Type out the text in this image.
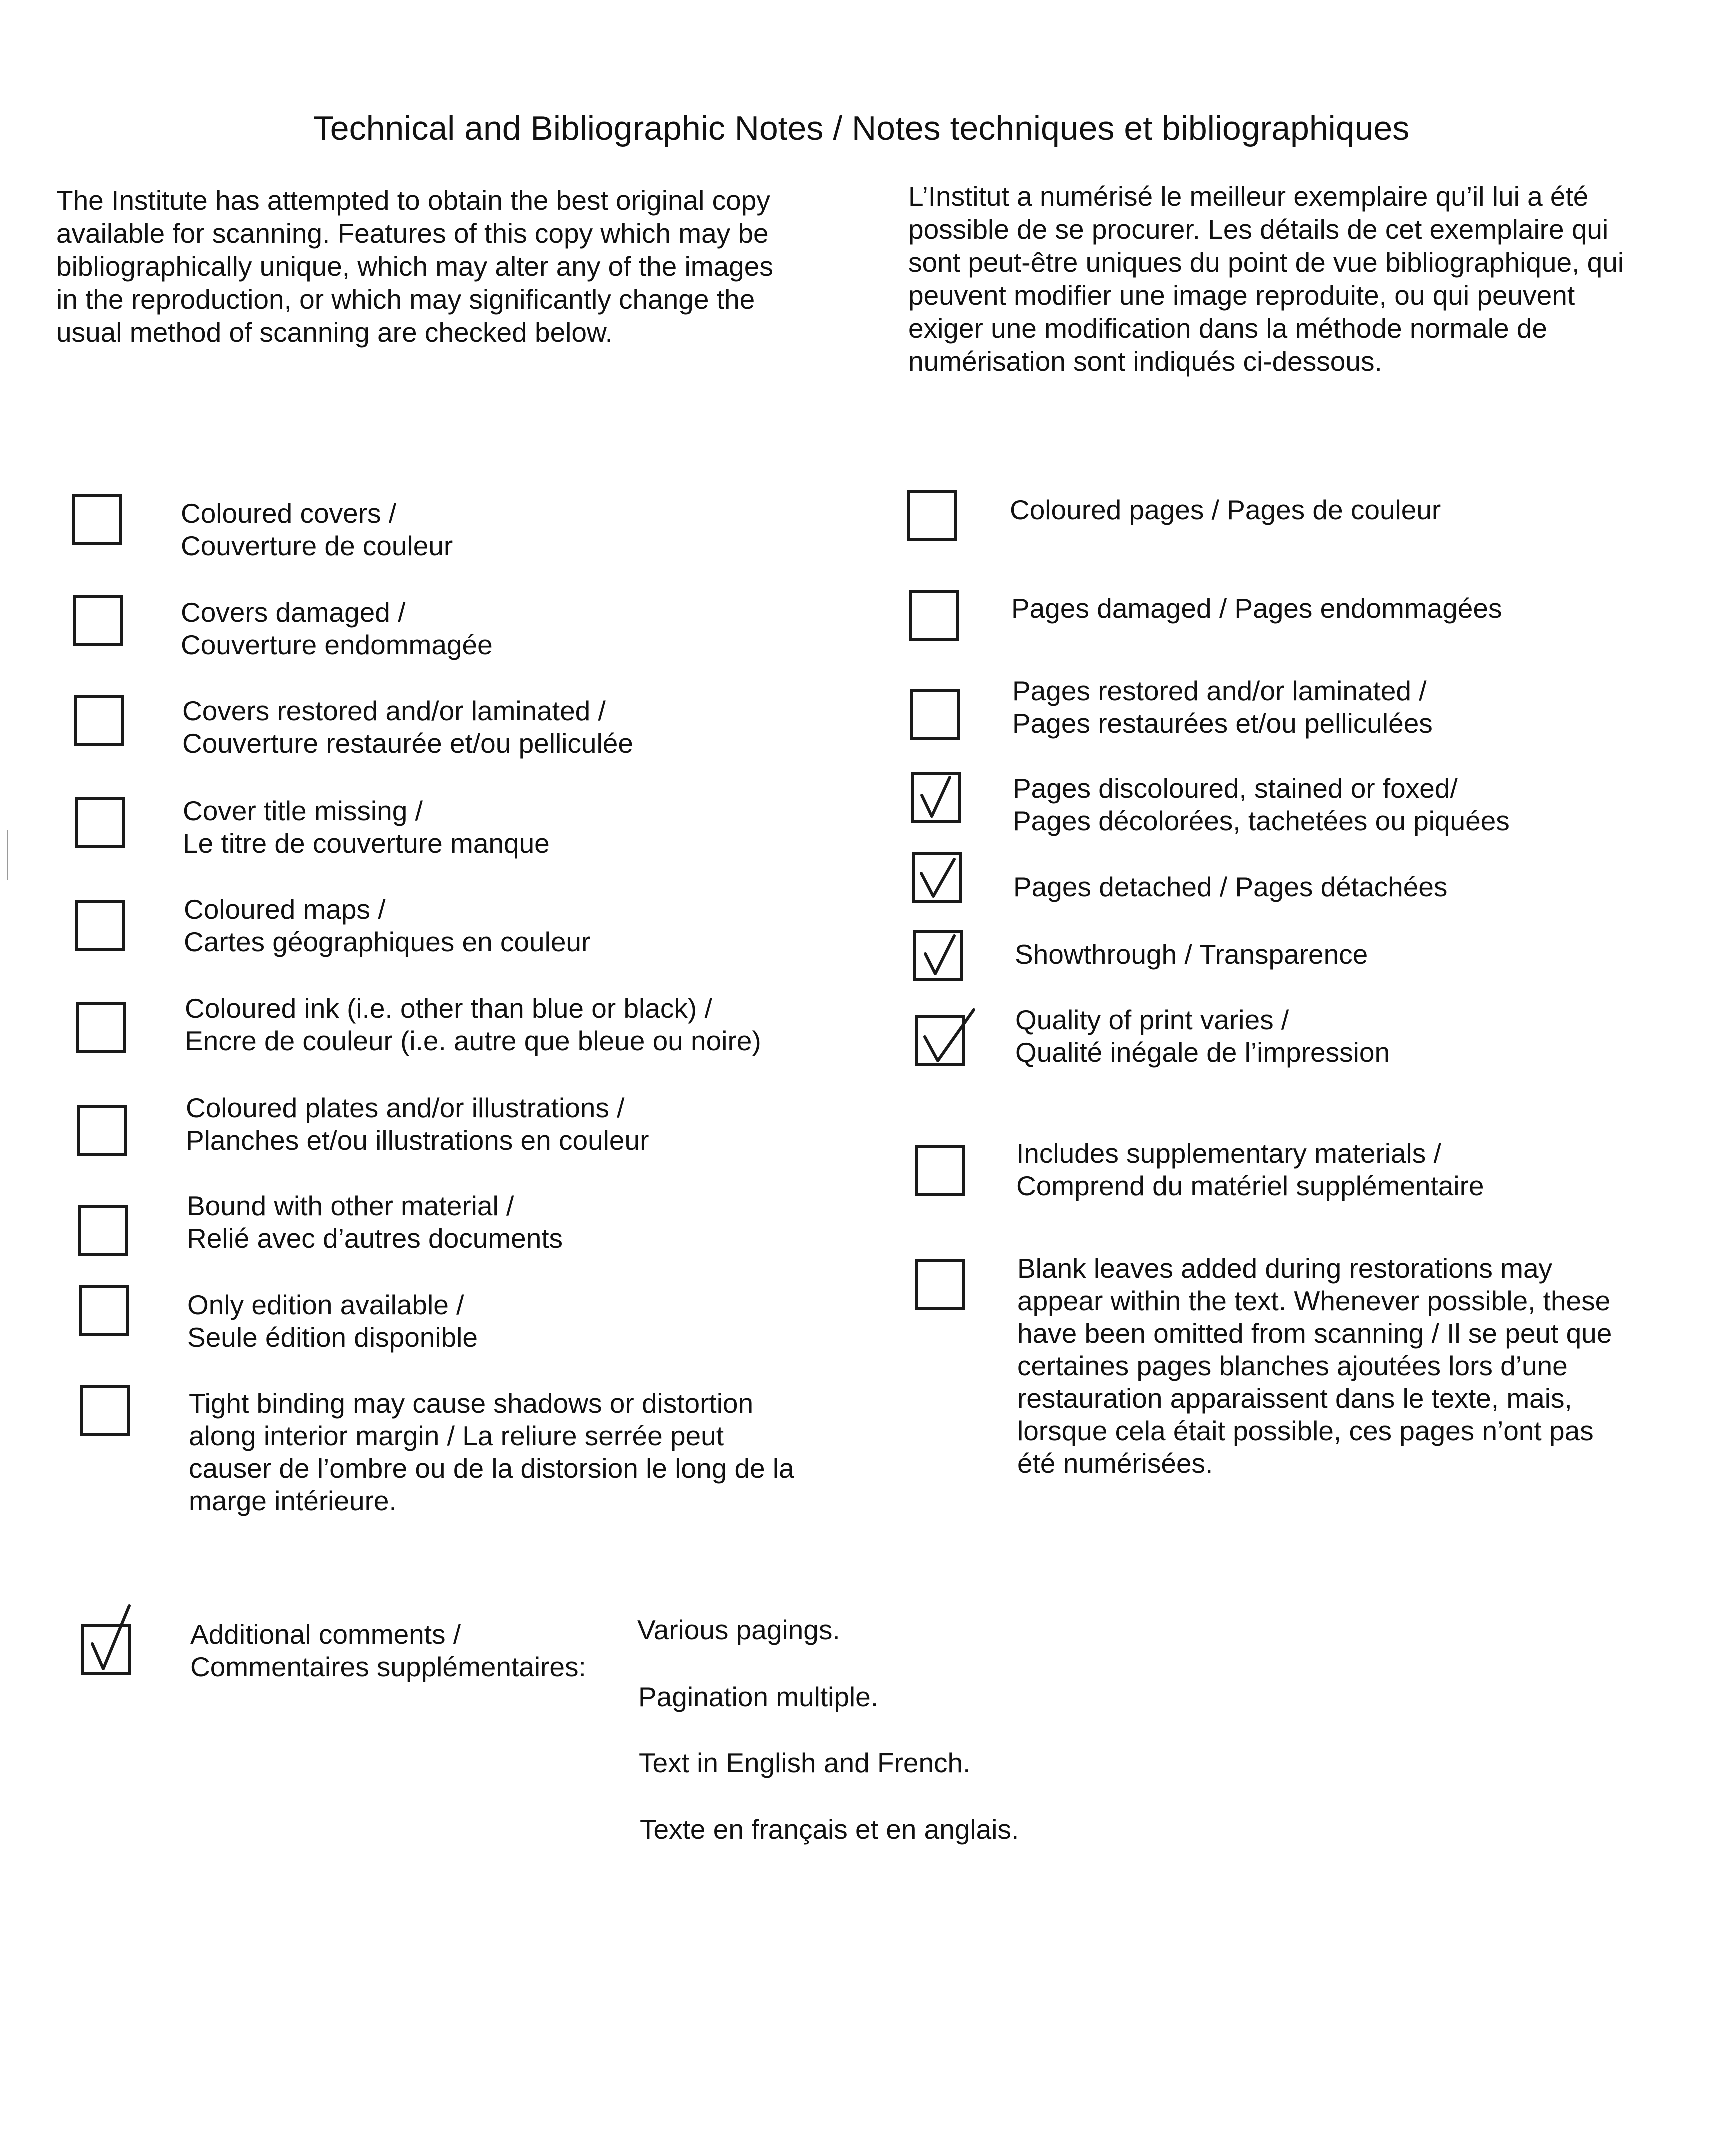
Technical and Bibliographic Notes / Notes techniques et bibliographiques
The Institute has attempted to obtain the best original copy
available for scanning. Features of this copy which may be
bibliographically unique, which may alter any of the images
in the reproduction, or which may significantly change the
usual method of scanning are checked below.
L’Institut a numérisé le meilleur exemplaire qu’il lui a été
possible de se procurer. Les détails de cet exemplaire qui
sont peut-être uniques du point de vue bibliographique, qui
peuvent modifier une image reproduite, ou qui peuvent
exiger une modification dans la méthode normale de
numérisation sont indiqués ci-dessous.
Coloured covers /
Couverture de couleur
Covers damaged /
Couverture endommagée
Covers restored and/or laminated /
Couverture restaurée et/ou pelliculée
Cover title missing /
Le titre de couverture manque
Coloured maps /
Cartes géographiques en couleur
Coloured ink (i.e. other than blue or black) /
Encre de couleur (i.e. autre que bleue ou noire)
Coloured plates and/or illustrations /
Planches et/ou illustrations en couleur
Bound with other material /
Relié avec d’autres documents
Only edition available /
Seule édition disponible
Tight binding may cause shadows or distortion
along interior margin / La reliure serrée peut
causer de l’ombre ou de la distorsion le long de la
marge intérieure.
Coloured pages / Pages de couleur
Pages damaged / Pages endommagées
Pages restored and/or laminated /
Pages restaurées et/ou pelliculées
Pages discoloured, stained or foxed/
Pages décolorées, tachetées ou piquées
Pages detached / Pages détachées
Showthrough / Transparence
Quality of print varies /
Qualité inégale de l’impression
Includes supplementary materials /
Comprend du matériel supplémentaire
Blank leaves added during restorations may
appear within the text. Whenever possible, these
have been omitted from scanning / Il se peut que
certaines pages blanches ajoutées lors d’une
restauration apparaissent dans le texte, mais,
lorsque cela était possible, ces pages n’ont pas
été numérisées.
Additional comments /
Commentaires supplémentaires:
Various pagings.
Pagination multiple.
Text in English and French.
Texte en français et en anglais.
